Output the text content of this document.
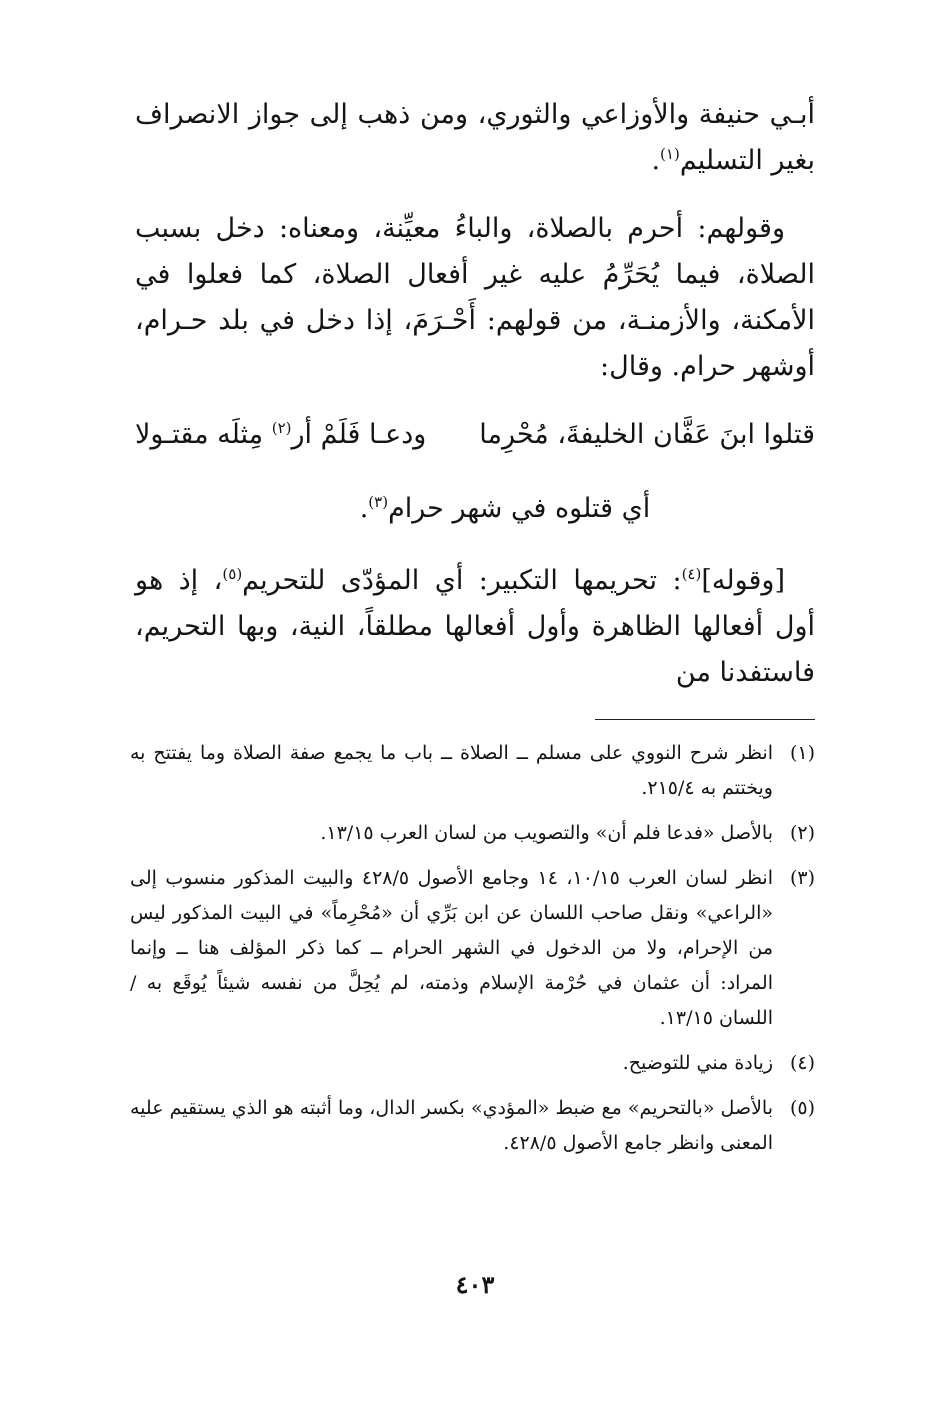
أبـي حنيفة والأوزاعي والثوري، ومن ذهب إلى جواز الانصراف بغير التسليم$^{(١)}$.

وقولهم: أحرم بالصلاة، والباءُ معيِّنة، ومعناه: دخل بسبب الصلاة، فيما يُحَرِّمُ عليه غير أفعال الصلاة، كما فعلوا في الأمكنة، والأزمنـة، من قولهم: أَحْـرَمَ، إذا دخل في بلد حـرام، أوشهر حرام. وقال:

قتلوا ابنَ عَفَّان الخليفةَ، مُحْرِما
ودعـا فَلَمْ أر$^{(٢)}$ مِثلَه مقتـولا
أي قتلوه في شهر حرام$^{(٣)}$.

[وقوله]$^{(٤)}$: تحريمها التكبير: أي المؤدّى للتحريم$^{(٥)}$، إذ هو أول أفعالها الظاهرة وأول أفعالها مطلقاً، النية، وبها التحريم، فاستفدنا من

(١)
انظر شرح النووي على مسلم ــ الصلاة ــ باب ما يجمع صفة الصلاة وما يفتتح به ويختتم به ٢١٥/٤.
(٢)
بالأصل «فدعا فلم أن» والتصويب من لسان العرب ١٣/١٥.
(٣)
انظر لسان العرب ١٠/١٥، ١٤ وجامع الأصول ٤٢٨/٥ والبيت المذكور منسوب إلى «الراعي» ونقل صاحب اللسان عن ابن بَرِّي أن «مُحْرِماً» في البيت المذكور ليس من الإحرام، ولا من الدخول في الشهر الحرام ــ كما ذكر المؤلف هنا ــ وإنما المراد: أن عثمان في حُرْمة الإسلام وذمته، لم يُحِلَّ من نفسه شيئاً يُوقَع به / اللسان ١٣/١٥.
(٤)
زيادة مني للتوضيح.
(٥)
بالأصل «بالتحريم» مع ضبط «المؤدي» بكسر الدال، وما أثبته هو الذي يستقيم عليه المعنى وانظر جامع الأصول ٤٢٨/٥.
٤٠٣
